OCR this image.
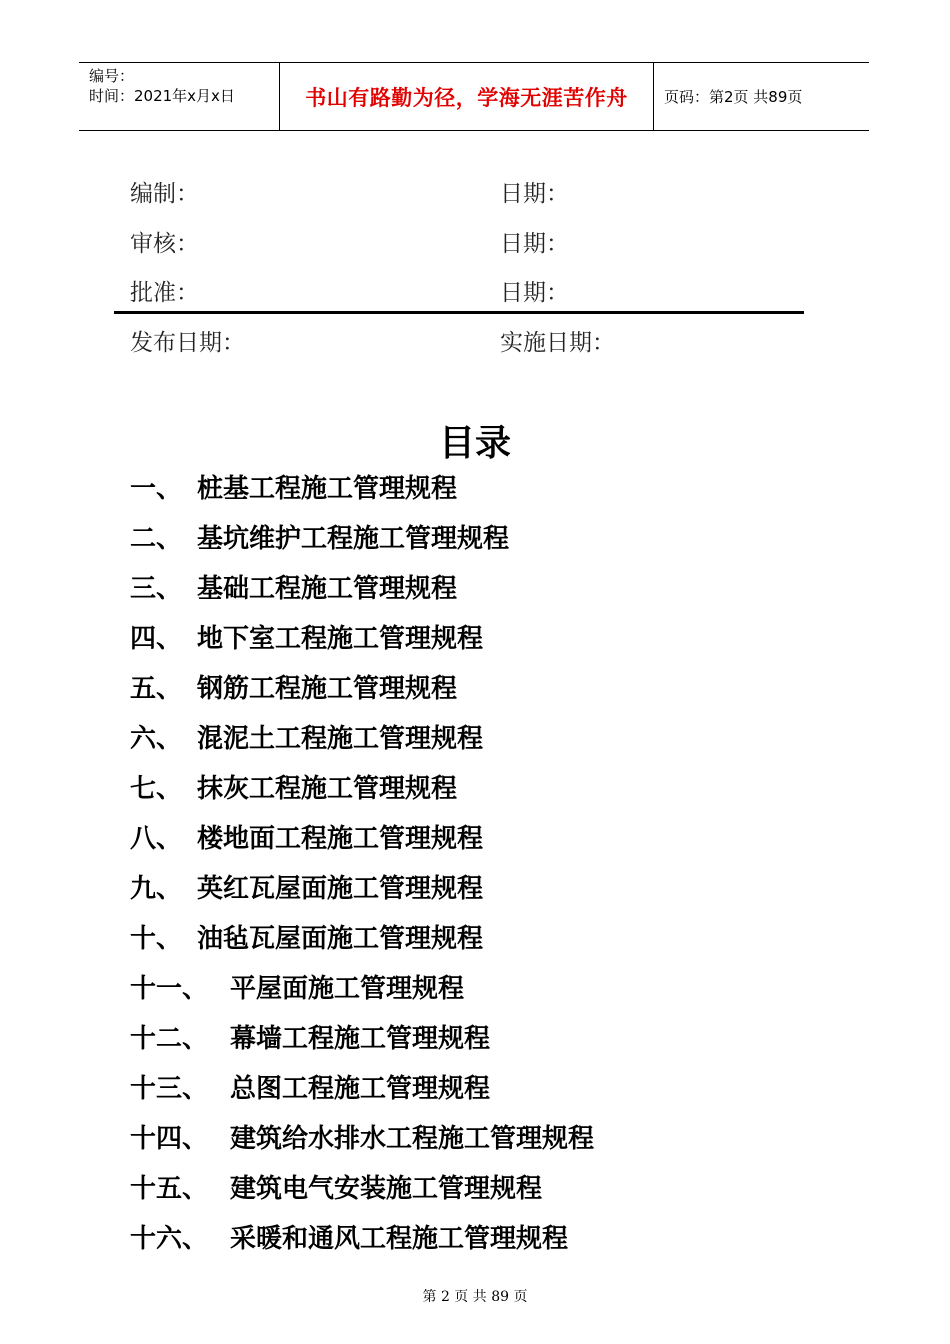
编号：
时间：2021年x月x日	书山有路勤为径，学海无涯苦作舟	页码：第2页 共89页
编制：	日期：
审核：	日期：
批准：	日期：
发布日期：	实施日期：
目录
一、 桩基工程施工管理规程
二、 基坑维护工程施工管理规程
三、 基础工程施工管理规程
四、 地下室工程施工管理规程
五、 钢筋工程施工管理规程
六、 混泥土工程施工管理规程
七、 抹灰工程施工管理规程
八、 楼地面工程施工管理规程
九、 英红瓦屋面施工管理规程
十、 油毡瓦屋面施工管理规程
十一、 平屋面施工管理规程
十二、 幕墙工程施工管理规程
十三、 总图工程施工管理规程
十四、 建筑给水排水工程施工管理规程
十五、 建筑电气安装施工管理规程
十六、 采暖和通风工程施工管理规程
第 2 页 共 89 页
